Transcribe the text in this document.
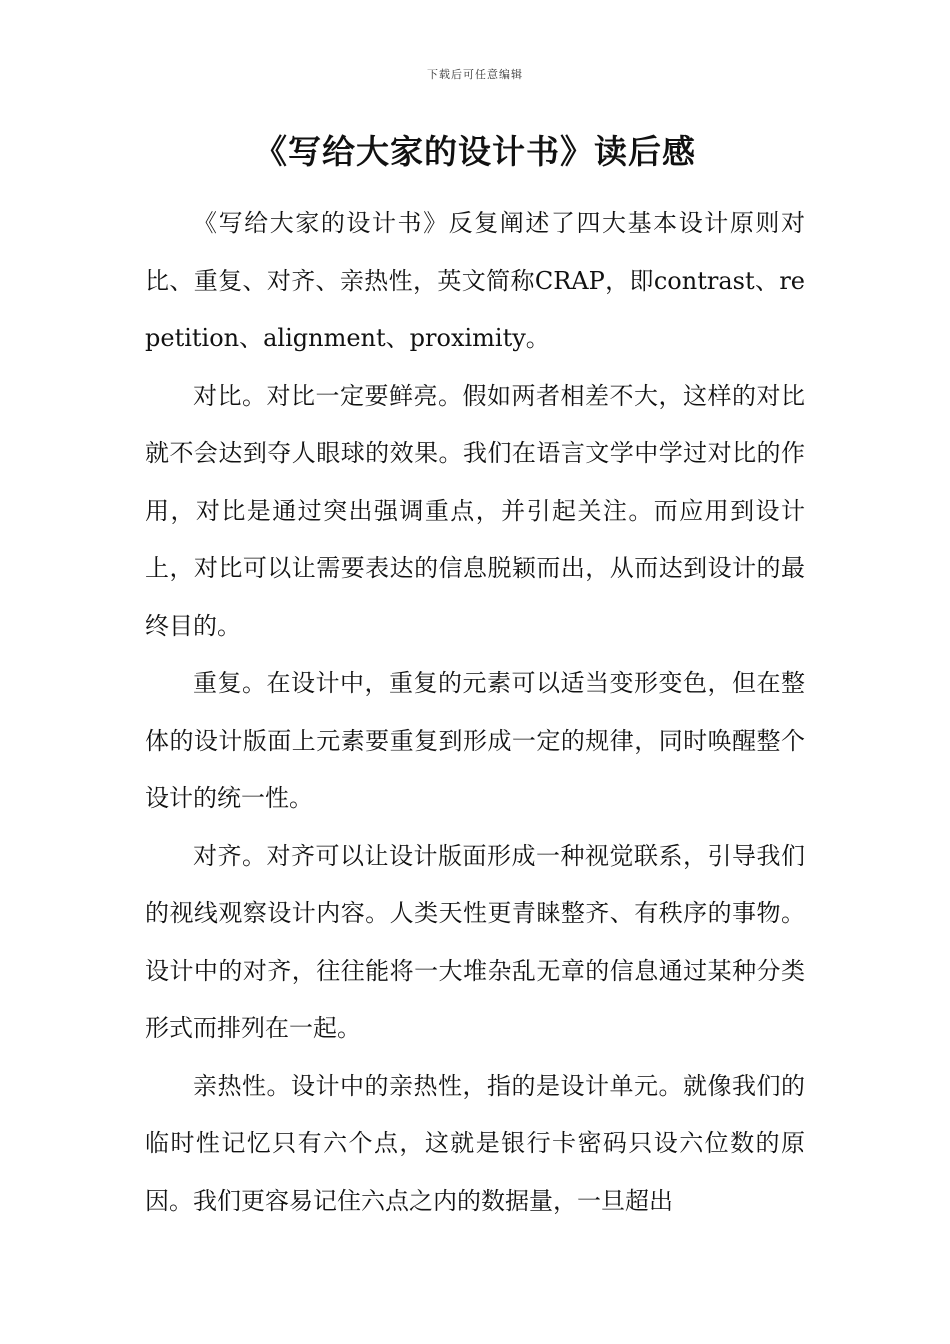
下载后可任意编辑
《写给大家的设计书》读后感

《写给大家的设计书》反复阐述了四大基本设计原则对比、重复、对齐、亲热性，英文简称CRAP，即contrast、repetition、alignment、proximity。

对比。对比一定要鲜亮。假如两者相差不大，这样的对比就不会达到夺人眼球的效果。我们在语言文学中学过对比的作用，对比是通过突出强调重点，并引起关注。而应用到设计上，对比可以让需要表达的信息脱颖而出，从而达到设计的最终目的。

重复。在设计中，重复的元素可以适当变形变色，但在整体的设计版面上元素要重复到形成一定的规律，同时唤醒整个设计的统一性。

对齐。对齐可以让设计版面形成一种视觉联系，引导我们的视线观察设计内容。人类天性更青睐整齐、有秩序的事物。设计中的对齐，往往能将一大堆杂乱无章的信息通过某种分类形式而排列在一起。

亲热性。设计中的亲热性，指的是设计单元。就像我们的临时性记忆只有六个点，这就是银行卡密码只设六位数的原因。我们更容易记住六点之内的数据量，一旦超出
